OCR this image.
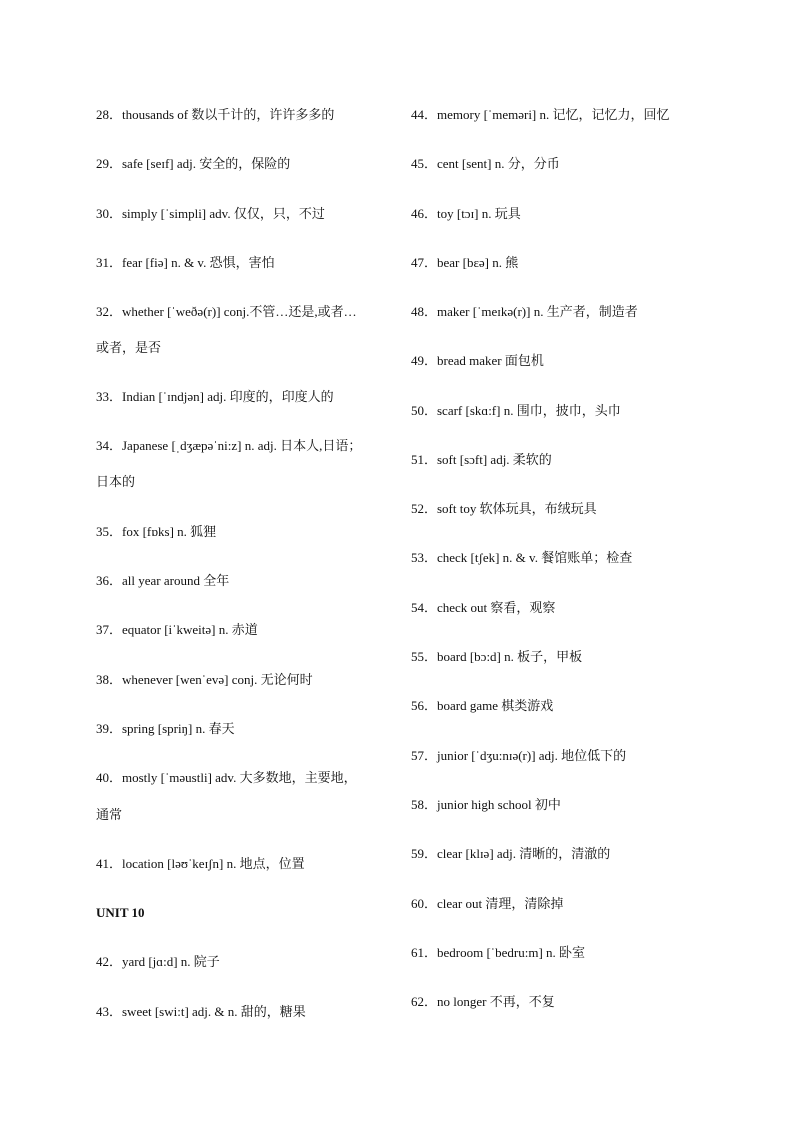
28．thousands of 数以千计的，许许多多的
29．safe [seɪf] adj. 安全的，保险的
30．simply [ˈsimpli] adv. 仅仅，只，不过
31．fear [fiə] n. & v. 恐惧，害怕
32．whether [ˈweðə(r)] conj.不管…还是,或者…
或者，是否
33．Indian [ˈɪndjən] adj. 印度的，印度人的
34．Japanese [ˌdʒæpəˈni:z] n. adj. 日本人,日语；
日本的
35．fox [fɒks] n. 狐狸
36．all year around 全年
37．equator [iˈkweitə] n. 赤道
38．whenever [wenˈevə] conj. 无论何时
39．spring [spriŋ] n. 春天
40．mostly [ˈməustli] adv. 大多数地，主要地，
通常
41．location [ləʊˈkeɪʃn] n. 地点，位置
UNIT 10
42．yard [jɑ:d] n. 院子
43．sweet [swi:t] adj. & n. 甜的，糖果
44．memory [ˈmeməri] n. 记忆，记忆力，回忆
45．cent [sent] n. 分，分币
46．toy [tɔɪ] n. 玩具
47．bear [bɛə] n. 熊
48．maker [ˈmeɪkə(r)] n. 生产者，制造者
49．bread maker 面包机
50．scarf [skɑ:f] n. 围巾，披巾，头巾
51．soft [sɔft] adj. 柔软的
52．soft toy 软体玩具，布绒玩具
53．check [tʃek] n. & v. 餐馆账单；检查
54．check out 察看，观察
55．board [bɔ:d] n. 板子，甲板
56．board game 棋类游戏
57．junior [ˈdʒu:nɪə(r)] adj. 地位低下的
58．junior high school 初中
59．clear [klɪə] adj. 清晰的，清澈的
60．clear out 清理，清除掉
61．bedroom [ˈbedru:m] n. 卧室
62．no longer 不再，不复
